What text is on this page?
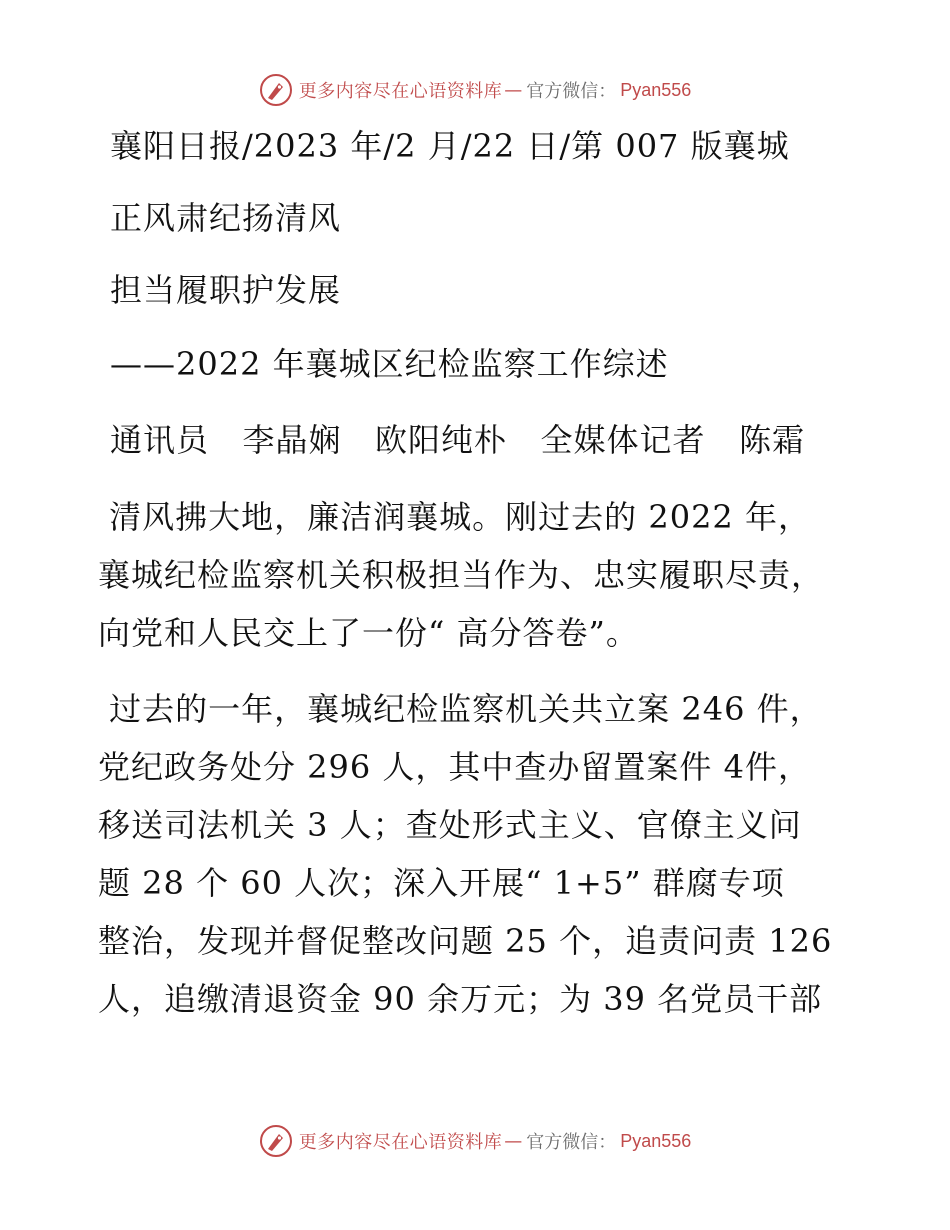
更多内容尽在心语资料库 — 官方微信： Pyan556
襄阳日报/2023 年/2 月/22 日/第 007 版襄城
正风肃纪扬清风
担当履职护发展
——2022 年襄城区纪检监察工作综述
通讯员   李晶娴   欧阳纯朴   全媒体记者   陈霜
清风拂大地，廉洁润襄城。刚过去的 2022 年，
襄城纪检监察机关积极担当作为、忠实履职尽责，
向党和人民交上了一份“ 高分答卷”。
过去的一年，襄城纪检监察机关共立案 246 件，
党纪政务处分 296 人，其中查办留置案件 4件，
移送司法机关 3 人；查处形式主义、官僚主义问
题 28 个 60 人次；深入开展“ 1+5” 群腐专项
整治，发现并督促整改问题 25 个，追责问责 126
人，追缴清退资金 90 余万元；为 39 名党员干部
更多内容尽在心语资料库 — 官方微信： Pyan556
